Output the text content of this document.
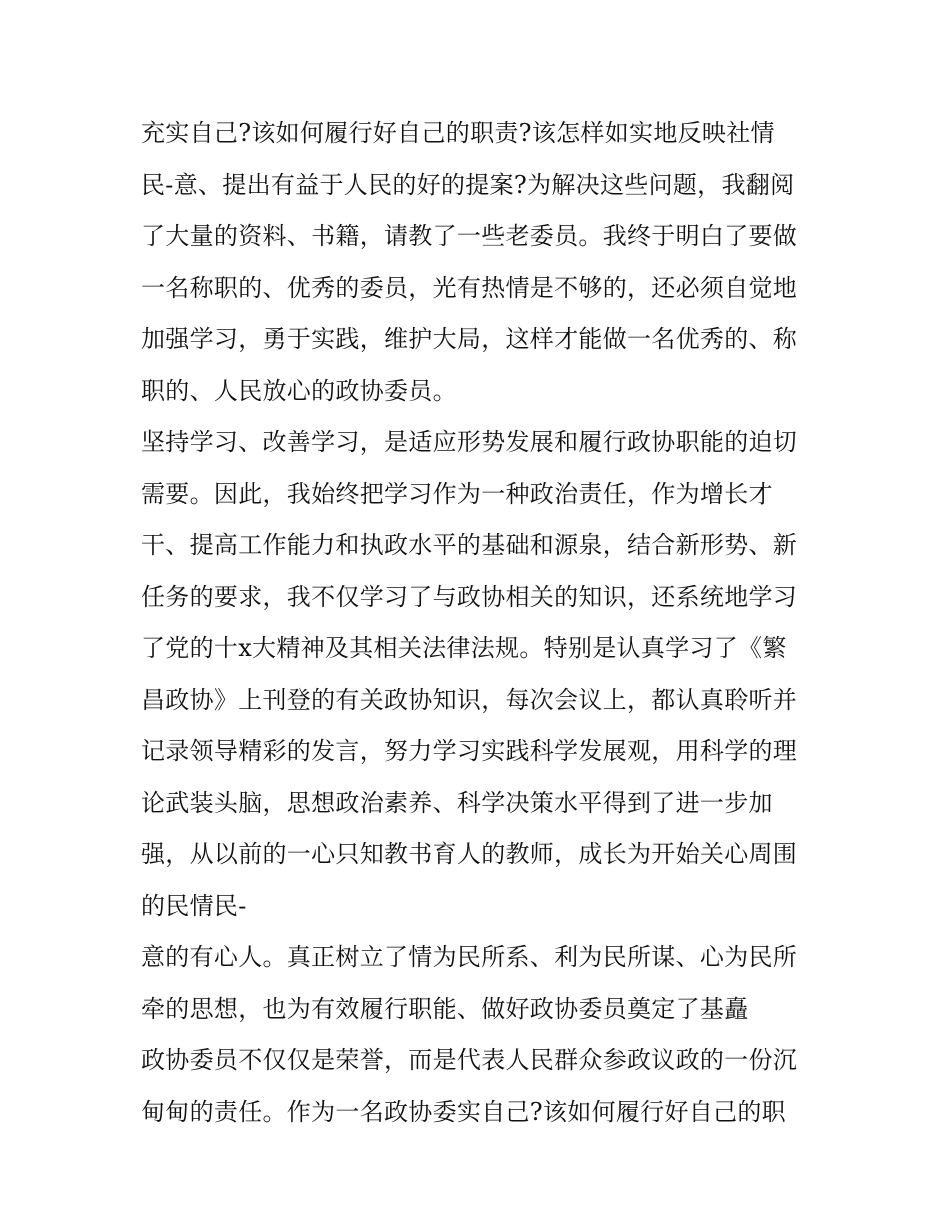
充实自己?该如何履行好自己的职责?该怎样如实地反映社情
民-意、提出有益于人民的好的提案?为解决这些问题，我翻阅
了大量的资料、书籍，请教了一些老委员。我终于明白了要做
一名称职的、优秀的委员，光有热情是不够的，还必须自觉地
加强学习，勇于实践，维护大局，这样才能做一名优秀的、称
职的、人民放心的政协委员。
坚持学习、改善学习，是适应形势发展和履行政协职能的迫切
需要。因此，我始终把学习作为一种政治责任，作为增长才
干、提高工作能力和执政水平的基础和源泉，结合新形势、新
任务的要求，我不仅学习了与政协相关的知识，还系统地学习
了党的十x大精神及其相关法律法规。特别是认真学习了《繁
昌政协》上刊登的有关政协知识，每次会议上，都认真聆听并
记录领导精彩的发言，努力学习实践科学发展观，用科学的理
论武装头脑，思想政治素养、科学决策水平得到了进一步加
强，从以前的一心只知教书育人的教师，成长为开始关心周围
的民情民-
意的有心人。真正树立了情为民所系、利为民所谋、心为民所
牵的思想，也为有效履行职能、做好政协委员奠定了基矗
政协委员不仅仅是荣誉，而是代表人民群众参政议政的一份沉
甸甸的责任。作为一名政协委实自己?该如何履行好自己的职
